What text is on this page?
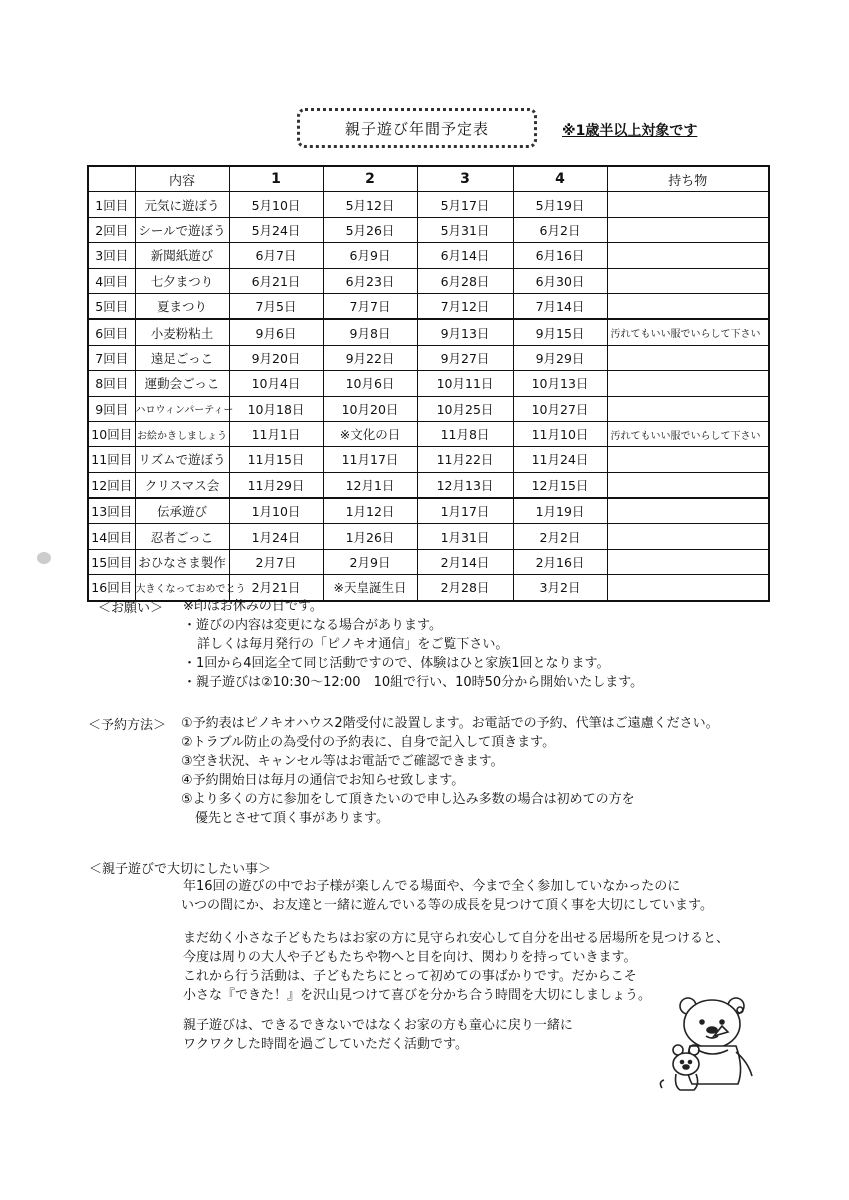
親子遊び年間予定表	※1歳半以上対象です
	内容	1	2	3	4	持ち物
1回目	元気に遊ぼう	5月10日	5月12日	5月17日	5月19日	
2回目	シールで遊ぼう	5月24日	5月26日	5月31日	6月2日	
3回目	新聞紙遊び	6月7日	6月9日	6月14日	6月16日	
4回目	七夕まつり	6月21日	6月23日	6月28日	6月30日	
5回目	夏まつり	7月5日	7月7日	7月12日	7月14日	
6回目	小麦粉粘土	9月6日	9月8日	9月13日	9月15日	汚れてもいい服でいらして下さい
7回目	遠足ごっこ	9月20日	9月22日	9月27日	9月29日	
8回目	運動会ごっこ	10月4日	10月6日	10月11日	10月13日	
9回目	ハロウィンパーティー	10月18日	10月20日	10月25日	10月27日	
10回目	お絵かきしましょう	11月1日	※文化の日	11月8日	11月10日	汚れてもいい服でいらして下さい
11回目	リズムで遊ぼう	11月15日	11月17日	11月22日	11月24日	
12回目	クリスマス会	11月29日	12月1日	12月13日	12月15日	
13回目	伝承遊び	1月10日	1月12日	1月17日	1月19日	
14回目	忍者ごっこ	1月24日	1月26日	1月31日	2月2日	
15回目	おひなさま製作	2月7日	2月9日	2月14日	2月16日	
16回目	大きくなっておめでとう	2月21日	※天皇誕生日	2月28日	3月2日	
＜お願い＞ ※印はお休みの日です。
・遊びの内容は変更になる場合があります。
詳しくは毎月発行の「ピノキオ通信」をご覧下さい。
・1回から4回迄全て同じ活動ですので、体験はひと家族1回となります。
・親子遊びは②10:30～12:00　10組で行い、10時50分から開始いたします。
＜予約方法＞ ①予約表はピノキオハウス2階受付に設置します。お電話での予約、代筆はご遠慮ください。
②トラブル防止の為受付の予約表に、自身で記入して頂きます。
③空き状況、キャンセル等はお電話でご確認できます。
④予約開始日は毎月の通信でお知らせ致します。
⑤より多くの方に参加をして頂きたいので申し込み多数の場合は初めての方を
優先とさせて頂く事があります。
＜親子遊びで大切にしたい事＞
年16回の遊びの中でお子様が楽しんでる場面や、今まで全く参加していなかったのに
いつの間にか、お友達と一緒に遊んでいる等の成長を見つけて頂く事を大切にしています。
まだ幼く小さな子どもたちはお家の方に見守られ安心して自分を出せる居場所を見つけると、
今度は周りの大人や子どもたちや物へと目を向け、関わりを持っていきます。
これから行う活動は、子どもたちにとって初めての事ばかりです。だからこそ
小さな『できた！』を沢山見つけて喜びを分かち合う時間を大切にしましょう。
親子遊びは、できるできないではなくお家の方も童心に戻り一緒に
ワクワクした時間を過ごしていただく活動です。
